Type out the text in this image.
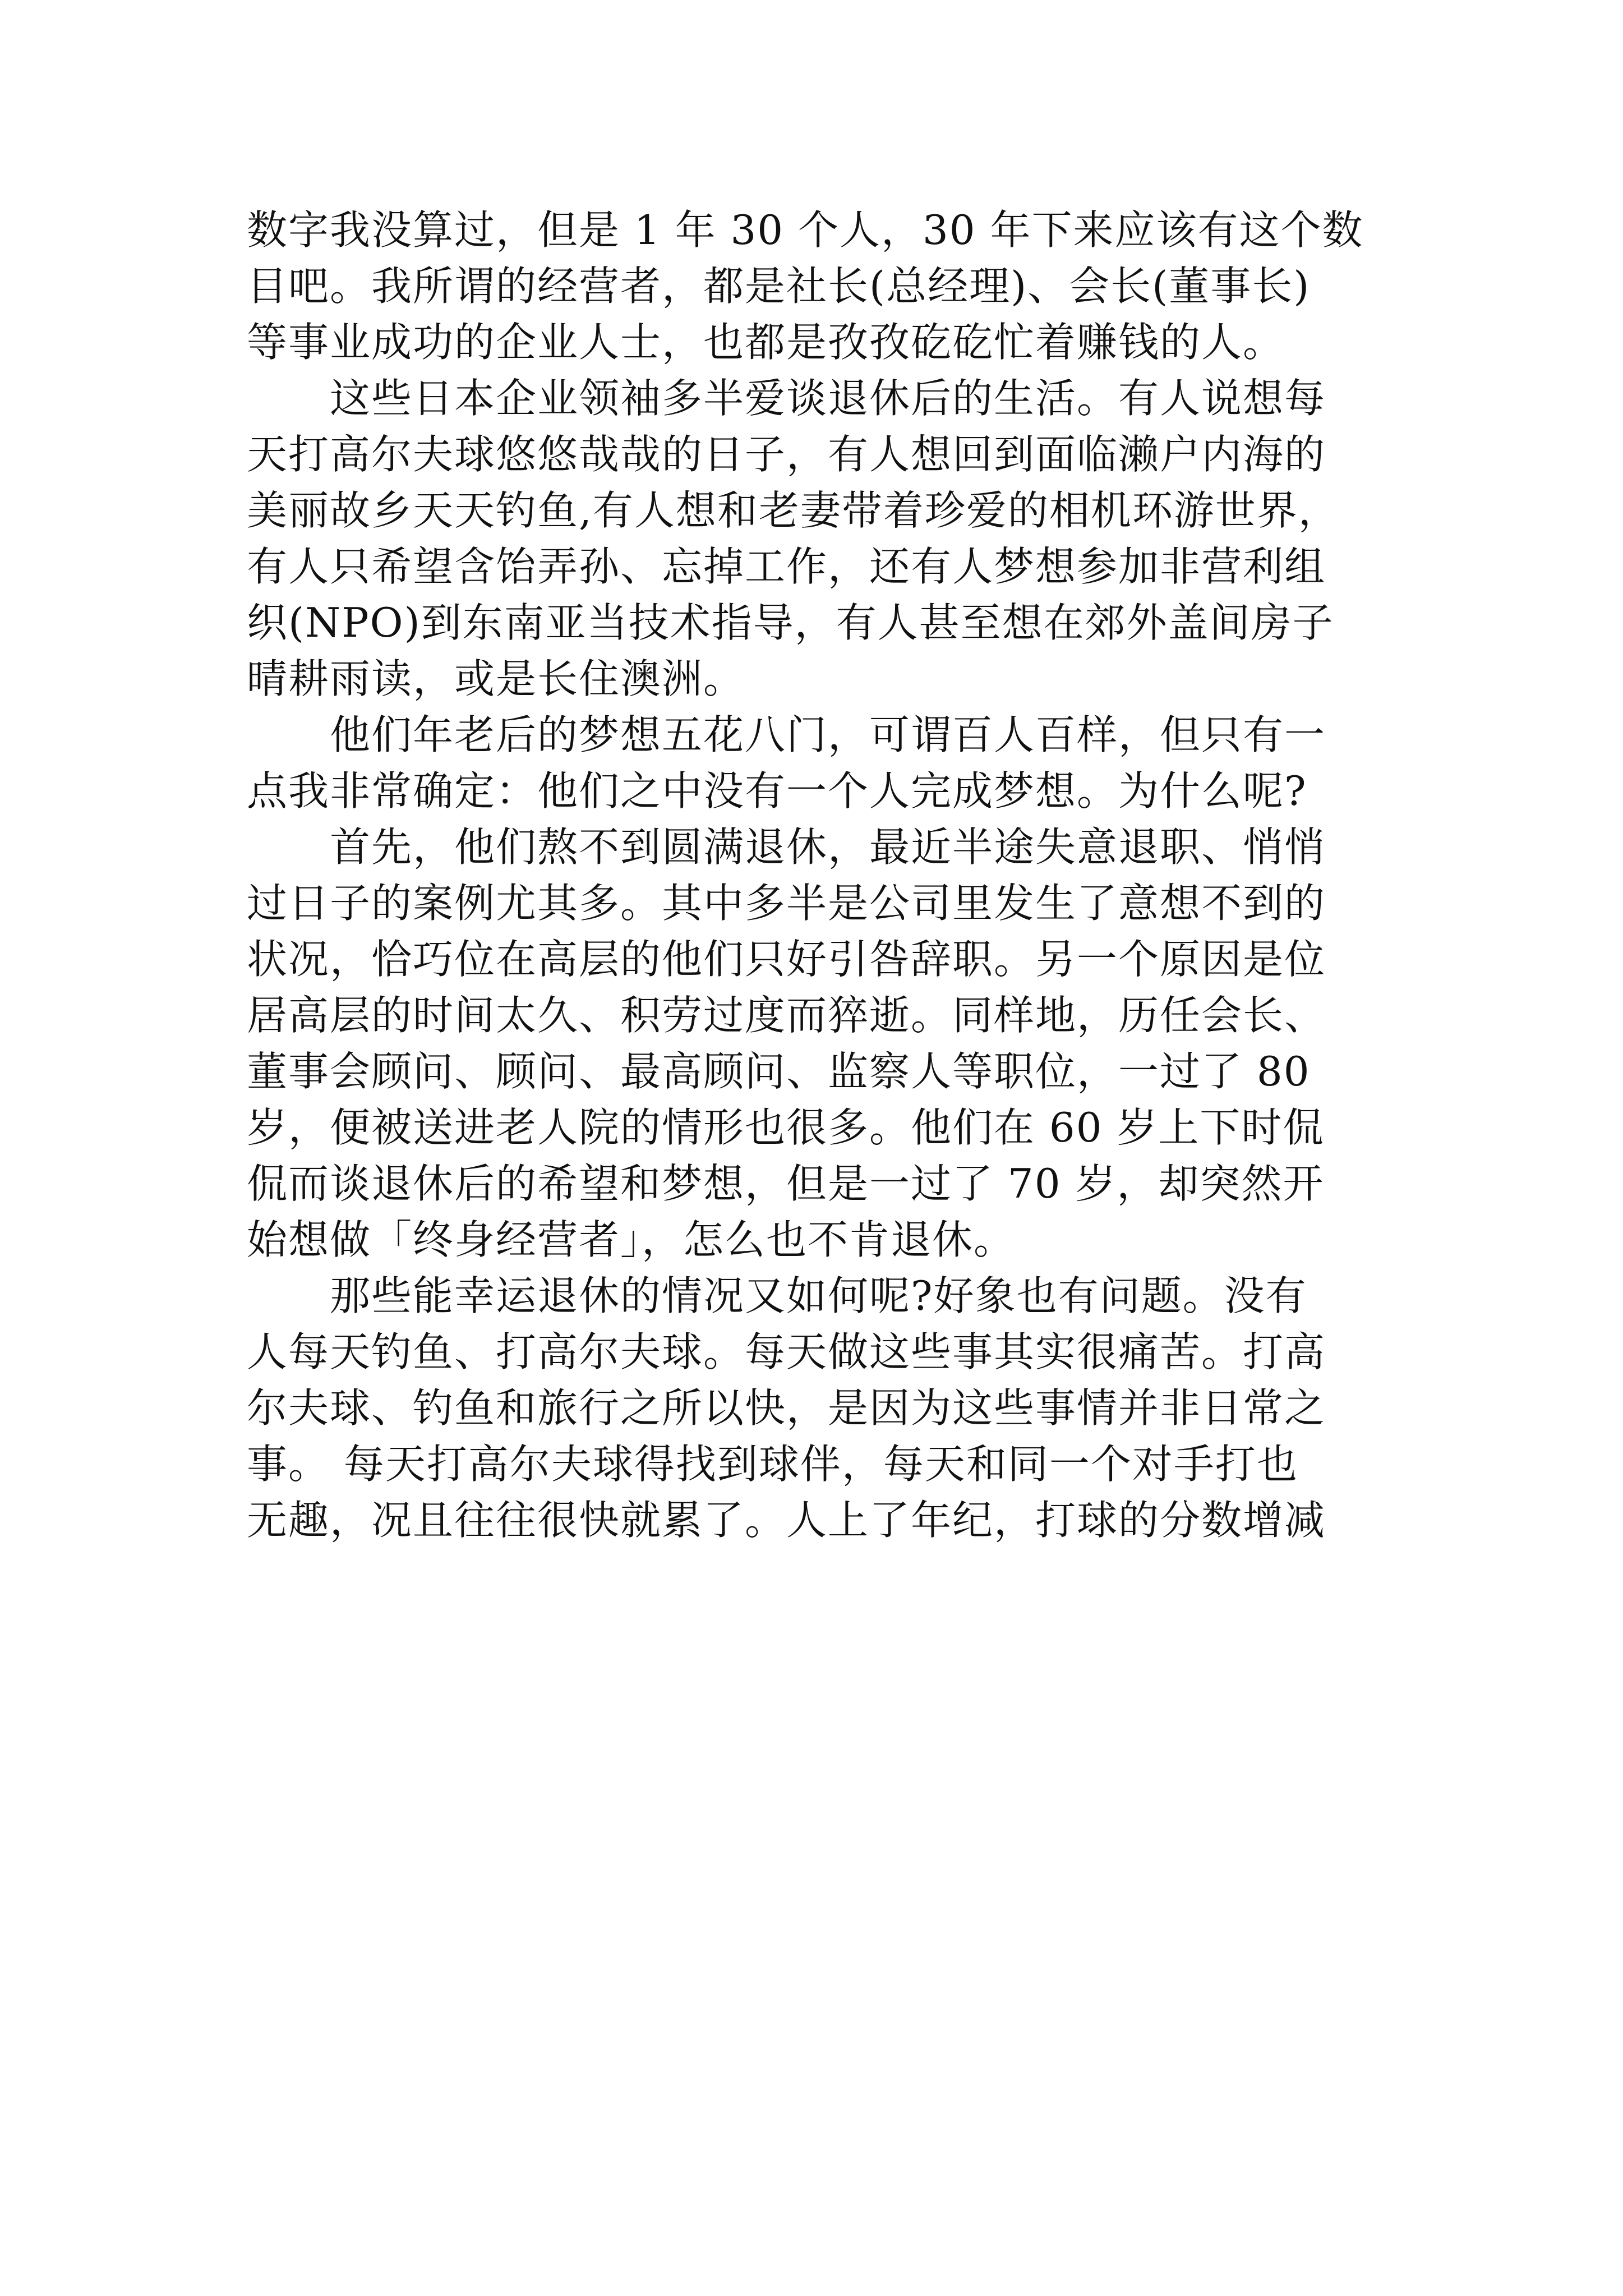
数字我没算过，但是 1 年 30 个人，30 年下来应该有这个数
目吧。我所谓的经营者，都是社长(总经理)、会长(董事长)
等事业成功的企业人士，也都是孜孜矻矻忙着赚钱的人。
　　这些日本企业领袖多半爱谈退休后的生活。有人说想每
天打高尔夫球悠悠哉哉的日子，有人想回到面临濑户内海的
美丽故乡天天钓鱼,有人想和老妻带着珍爱的相机环游世界，
有人只希望含饴弄孙、忘掉工作，还有人梦想参加非营利组
织(NPO)到东南亚当技术指导，有人甚至想在郊外盖间房子
晴耕雨读，或是长住澳洲。
　　他们年老后的梦想五花八门，可谓百人百样，但只有一
点我非常确定：他们之中没有一个人完成梦想。为什么呢?
　　首先，他们熬不到圆满退休，最近半途失意退职、悄悄
过日子的案例尤其多。其中多半是公司里发生了意想不到的
状况，恰巧位在高层的他们只好引咎辞职。另一个原因是位
居高层的时间太久、积劳过度而猝逝。同样地，历任会长、
董事会顾问、顾问、最高顾问、监察人等职位，一过了 80
岁，便被送进老人院的情形也很多。他们在 60 岁上下时侃
侃而谈退休后的希望和梦想，但是一过了 70 岁，却突然开
始想做「终身经营者」，怎么也不肯退休。
　　那些能幸运退休的情况又如何呢?好象也有问题。没有
人每天钓鱼、打高尔夫球。每天做这些事其实很痛苦。打高
尔夫球、钓鱼和旅行之所以快，是因为这些事情并非日常之
事。 每天打高尔夫球得找到球伴，每天和同一个对手打也
无趣，况且往往很快就累了。人上了年纪，打球的分数增减
